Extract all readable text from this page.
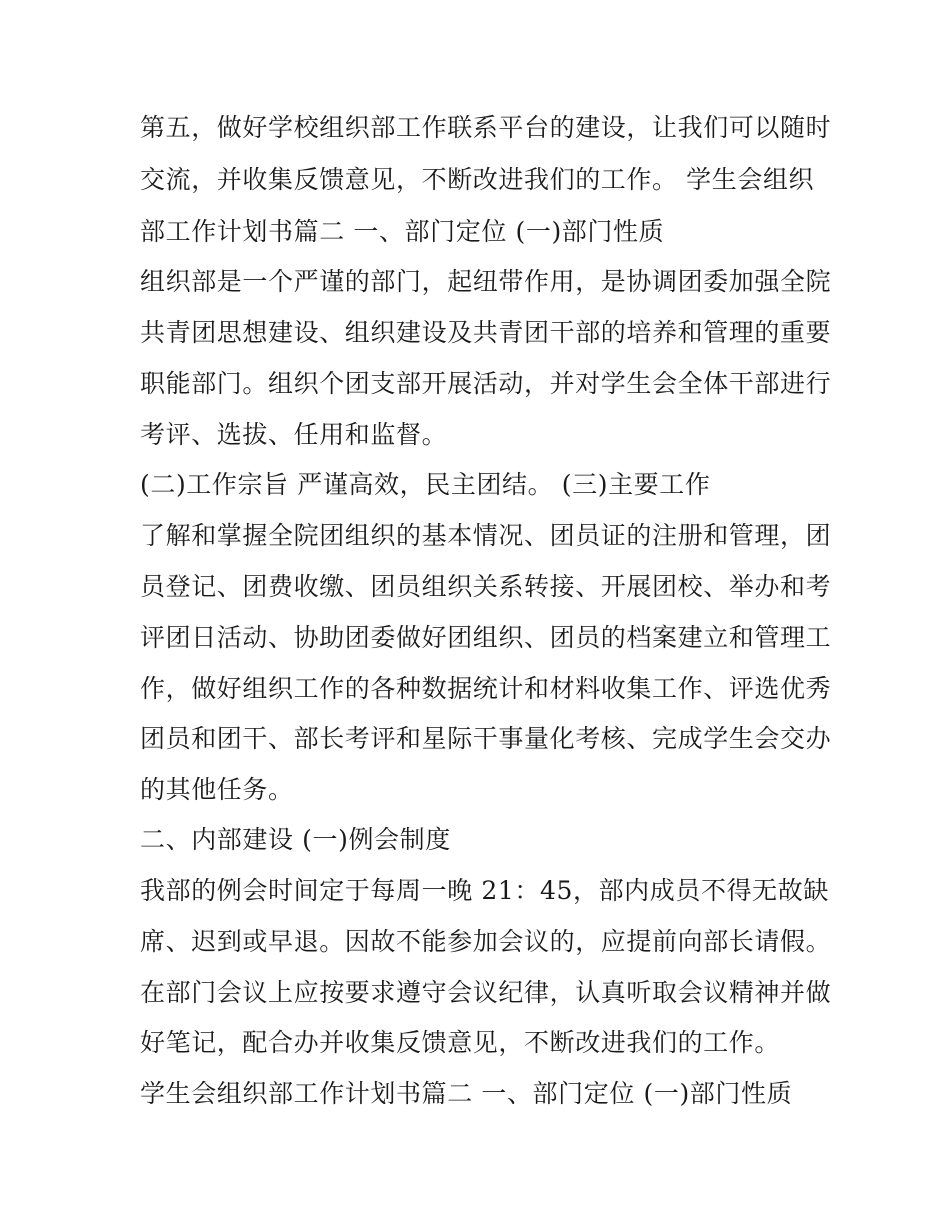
第五，做好学校组织部工作联系平台的建设，让我们可以随时
交流，并收集反馈意见，不断改进我们的工作。 学生会组织
部工作计划书篇二 一、部门定位 (一)部门性质
组织部是一个严谨的部门，起纽带作用，是协调团委加强全院
共青团思想建设、组织建设及共青团干部的培养和管理的重要
职能部门。组织个团支部开展活动，并对学生会全体干部进行
考评、选拔、任用和监督。
(二)工作宗旨 严谨高效，民主团结。 (三)主要工作
了解和掌握全院团组织的基本情况、团员证的注册和管理，团
员登记、团费收缴、团员组织关系转接、开展团校、举办和考
评团日活动、协助团委做好团组织、团员的档案建立和管理工
作，做好组织工作的各种数据统计和材料收集工作、评选优秀
团员和团干、部长考评和星际干事量化考核、完成学生会交办
的其他任务。
二、内部建设 (一)例会制度
我部的例会时间定于每周一晚 21：45，部内成员不得无故缺
席、迟到或早退。因故不能参加会议的，应提前向部长请假。
在部门会议上应按要求遵守会议纪律，认真听取会议精神并做
好笔记，配合办并收集反馈意见，不断改进我们的工作。
学生会组织部工作计划书篇二 一、部门定位 (一)部门性质
